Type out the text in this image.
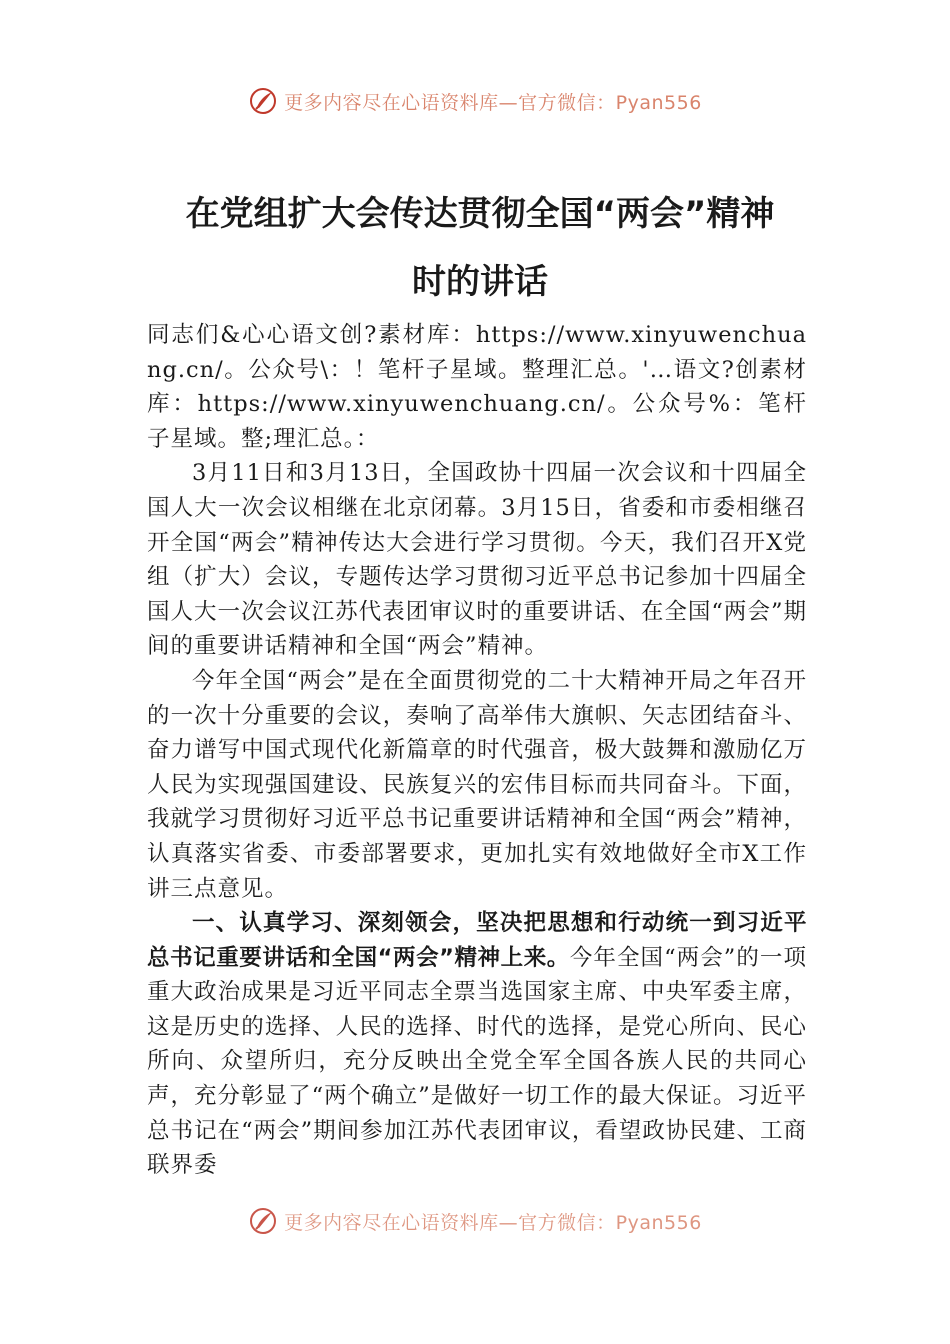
更多内容尽在心语资料库—官方微信：Pyan556
在党组扩大会传达贯彻全国“两会”精神
时的讲话

同志们&心心语文创?素材库：https://www.xinyuwenchuang.cn/。公众号\：！笔杆子星域。整理汇总。'…语文?创素材库：https://www.xinyuwenchuang.cn/。公众号%：笔杆子星域。整;理汇总。：

3月11日和3月13日，全国政协十四届一次会议和十四届全国人大一次会议相继在北京闭幕。3月15日，省委和市委相继召开全国“两会”精神传达大会进行学习贯彻。今天，我们召开X党组（扩大）会议，专题传达学习贯彻习近平总书记参加十四届全国人大一次会议江苏代表团审议时的重要讲话、在全国“两会”期间的重要讲话精神和全国“两会”精神。

今年全国“两会”是在全面贯彻党的二十大精神开局之年召开的一次十分重要的会议，奏响了高举伟大旗帜、矢志团结奋斗、奋力谱写中国式现代化新篇章的时代强音，极大鼓舞和激励亿万人民为实现强国建设、民族复兴的宏伟目标而共同奋斗。下面，我就学习贯彻好习近平总书记重要讲话精神和全国“两会”精神，认真落实省委、市委部署要求，更加扎实有效地做好全市X工作讲三点意见。

一、认真学习、深刻领会，坚决把思想和行动统一到习近平总书记重要讲话和全国“两会”精神上来。今年全国“两会”的一项重大政治成果是习近平同志全票当选国家主席、中央军委主席，这是历史的选择、人民的选择、时代的选择，是党心所向、民心所向、众望所归，充分反映出全党全军全国各族人民的共同心声，充分彰显了“两个确立”是做好一切工作的最大保证。习近平总书记在“两会”期间参加江苏代表团审议，看望政协民建、工商联界委

更多内容尽在心语资料库—官方微信：Pyan556
